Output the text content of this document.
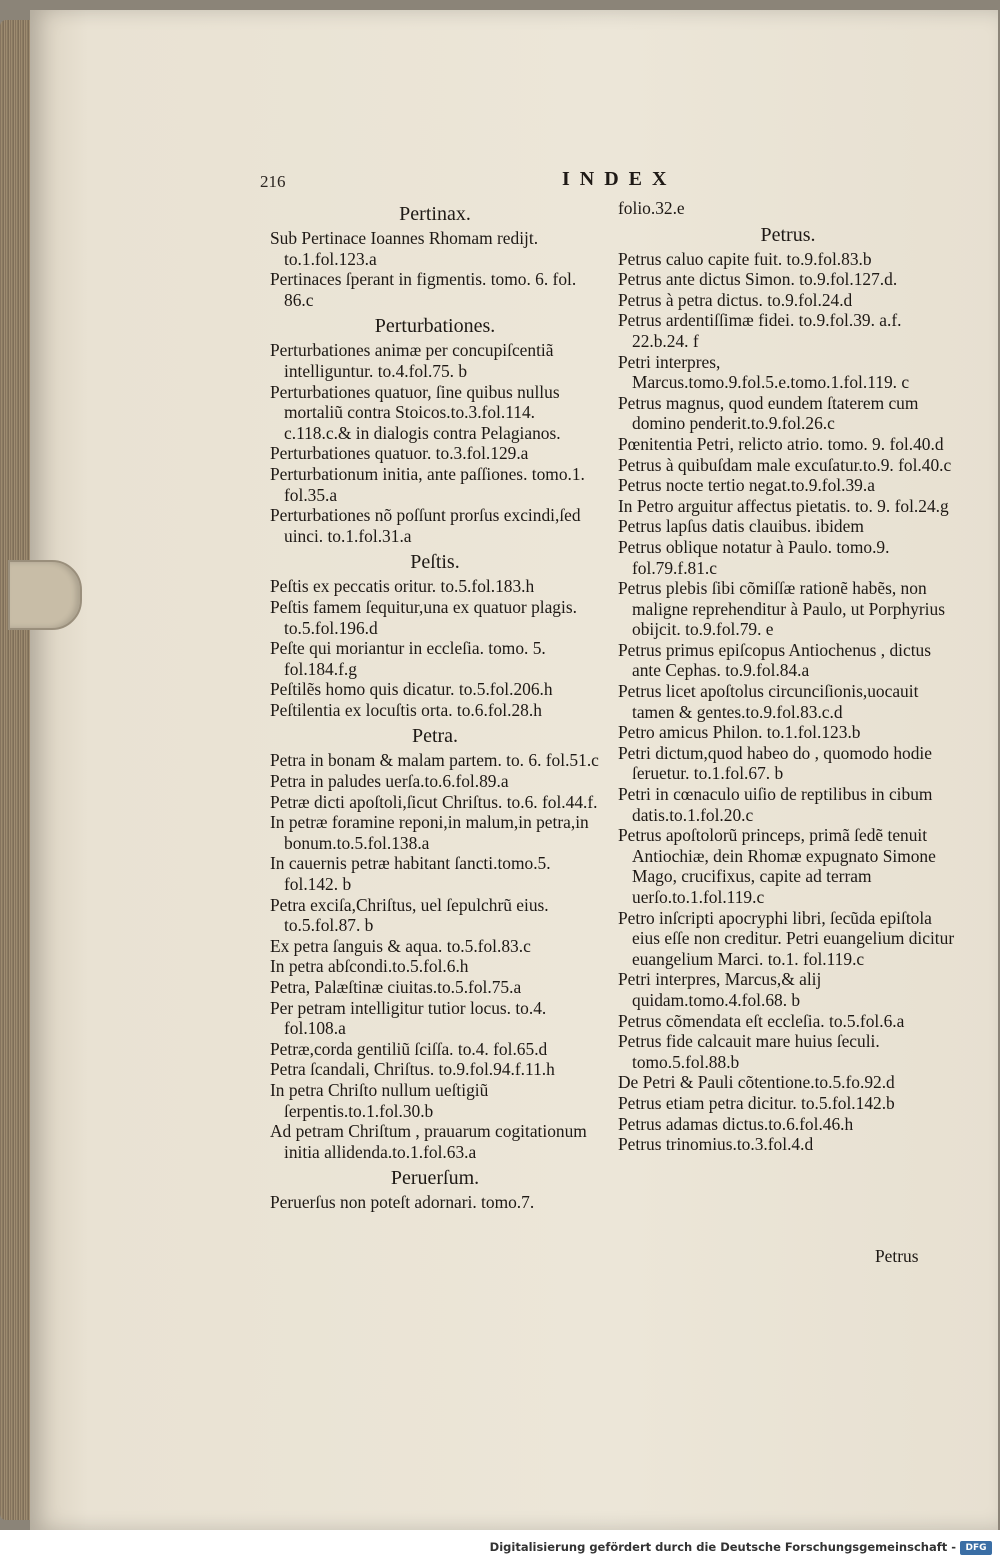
216	INDEX
Pertinax.
Sub Pertinace Ioannes Rhomam rediјt. to.1.fol.123.a
Pertinaces ſperant in figmentis. tomo. 6. fol. 86.c
Perturbationes.
Perturbationes animæ per concupiſcentiã intelliguntur. to.4.fol.75. b
Perturbationes quatuor, ſine quibus nullus mortaliũ contra Stoicos.to.3.fol.114. c.118.c.& in dialogis contra Pelagianos.
Perturbationes quatuor. to.3.fol.129.a
Perturbationum initia, ante paſſiones. tomo.1. fol.35.a
Perturbationes nõ poſſunt prorſus excindi,ſed uinci. to.1.fol.31.a
Peſtis.
Peſtis ex peccatis oritur. to.5.fol.183.h
Peſtis famem ſequitur,una ex quatuor plagis. to.5.fol.196.d
Peſte qui moriantur in eccleſia. tomo. 5. fol.184.f.g
Peſtilẽs homo quis dicatur. to.5.fol.206.h
Peſtilentia ex locuſtis orta. to.6.fol.28.h
Petra.
Petra in bonam & malam partem. to. 6. fol.51.c
Petra in paludes uerſa.to.6.fol.89.a
Petræ dicti apoſtoli,ſicut Chriſtus. to.6. fol.44.f.
In petræ foramine reponi,in malum,in petra,in bonum.to.5.fol.138.a
In cauernis petræ habitant ſancti.tomo.5. fol.142. b
Petra exciſa,Chriſtus, uel ſepulchrũ eius. to.5.fol.87. b
Ex petra ſanguis & aqua. to.5.fol.83.c
In petra abſcondi.to.5.fol.6.h
Petra, Palæſtinæ ciuitas.to.5.fol.75.a
Per petram intelligitur tutior locus. to.4. fol.108.a
Petræ,corda gentiliũ ſciſſa. to.4. fol.65.d
Petra ſcandali, Chriſtus. to.9.fol.94.f.11.h
In petra Chriſto nullum ueſtigiũ ſerpentis.to.1.fol.30.b
Ad petram Chriſtum , prauarum cogitationum initia allidenda.to.1.fol.63.a
Peruerſum.
Peruerſus non poteſt adornari. tomo.7.
folio.32.e
Petrus.
Petrus caluo capite fuit. to.9.fol.83.b
Petrus ante dictus Simon. to.9.fol.127.d.
Petrus à petra dictus. to.9.fol.24.d
Petrus ardentiſſimæ fidei. to.9.fol.39. a.f. 22.b.24. f
Petri interpres, Marcus.tomo.9.fol.5.e.tomo.1.fol.119. c
Petrus magnus, quod eundem ſtaterem cum domino penderit.to.9.fol.26.c
Pœnitentia Petri, relicto atrio. tomo. 9. fol.40.d
Petrus à quibuſdam male excuſatur.to.9. fol.40.c
Petrus nocte tertio negat.to.9.fol.39.a
In Petro arguitur affectus pietatis. to. 9. fol.24.g
Petrus lapſus datis clauibus. ibidem
Petrus oblique notatur à Paulo. tomo.9. fol.79.f.81.c
Petrus plebis ſibi cõmiſſæ rationẽ habẽs, non maligne reprehenditur à Paulo, ut Porphyrius obiјcit. to.9.fol.79. e
Petrus primus epiſcopus Antiochenus , dictus ante Cephas. to.9.fol.84.a
Petrus licet apoſtolus circunciſionis,uocauit tamen & gentes.to.9.fol.83.c.d
Petro amicus Philon. to.1.fol.123.b
Petri dictum,quod habeo do , quomodo hodie ſeruetur. to.1.fol.67. b
Petri in cœnaculo uiſio de reptilibus in cibum datis.to.1.fol.20.c
Petrus apoſtolorũ princeps, primã ſedẽ tenuit Antiochiæ, dein Rhomæ expugnato Simone Mago, crucifixus, capite ad terram uerſo.to.1.fol.119.c
Petro inſcripti apocryphi libri, ſecũda epiſtola eius eſſe non creditur. Petri euangelium dicitur euangelium Marci. to.1. fol.119.c
Petri interpres, Marcus,& aliј quidam.tomo.4.fol.68. b
Petrus cõmendata eſt eccleſia. to.5.fol.6.a
Petrus fide calcauit mare huius ſeculi. tomo.5.fol.88.b
De Petri & Pauli cõtentione.to.5.fo.92.d
Petrus etiam petra dicitur. to.5.fol.142.b
Petrus adamas dictus.to.6.fol.46.h
Petrus trinomius.to.3.fol.4.d
Petrus
Digitalisierung gefördert durch die Deutsche Forschungsgemeinschaft -	DFG
